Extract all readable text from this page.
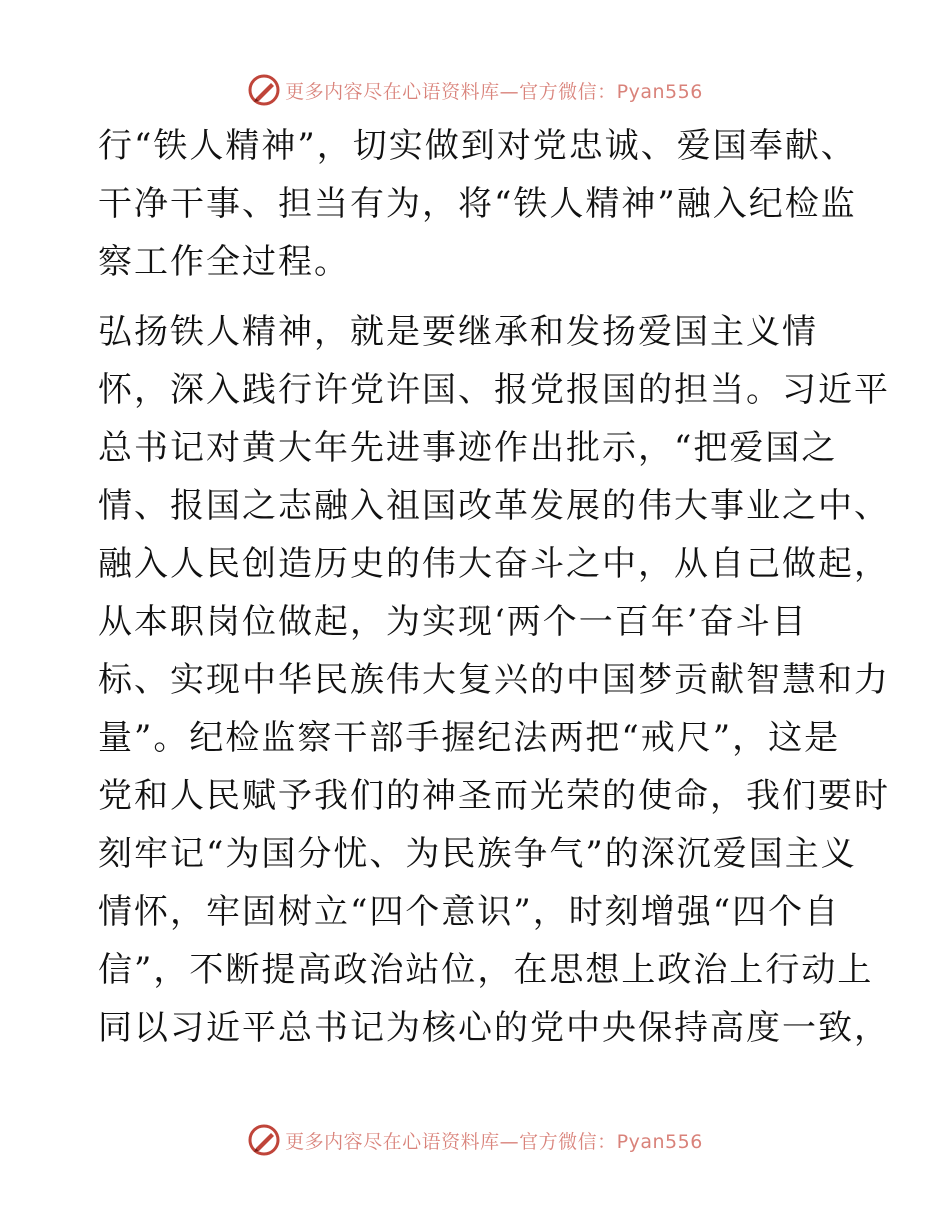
更多内容尽在心语资料库—官方微信：Pyan556
行“铁人精神”，切实做到对党忠诚、爱国奉献、
干净干事、担当有为，将“铁人精神”融入纪检监
察工作全过程。
弘扬铁人精神，就是要继承和发扬爱国主义情
怀，深入践行许党许国、报党报国的担当。习近平
总书记对黄大年先进事迹作出批示，“把爱国之
情、报国之志融入祖国改革发展的伟大事业之中、
融入人民创造历史的伟大奋斗之中，从自己做起，
从本职岗位做起，为实现‘两个一百年’奋斗目
标、实现中华民族伟大复兴的中国梦贡献智慧和力
量”。纪检监察干部手握纪法两把“戒尺”，这是
党和人民赋予我们的神圣而光荣的使命，我们要时
刻牢记“为国分忧、为民族争气”的深沉爱国主义
情怀，牢固树立“四个意识”，时刻增强“四个自
信”，不断提高政治站位，在思想上政治上行动上
同以习近平总书记为核心的党中央保持高度一致，
更多内容尽在心语资料库—官方微信：Pyan556
